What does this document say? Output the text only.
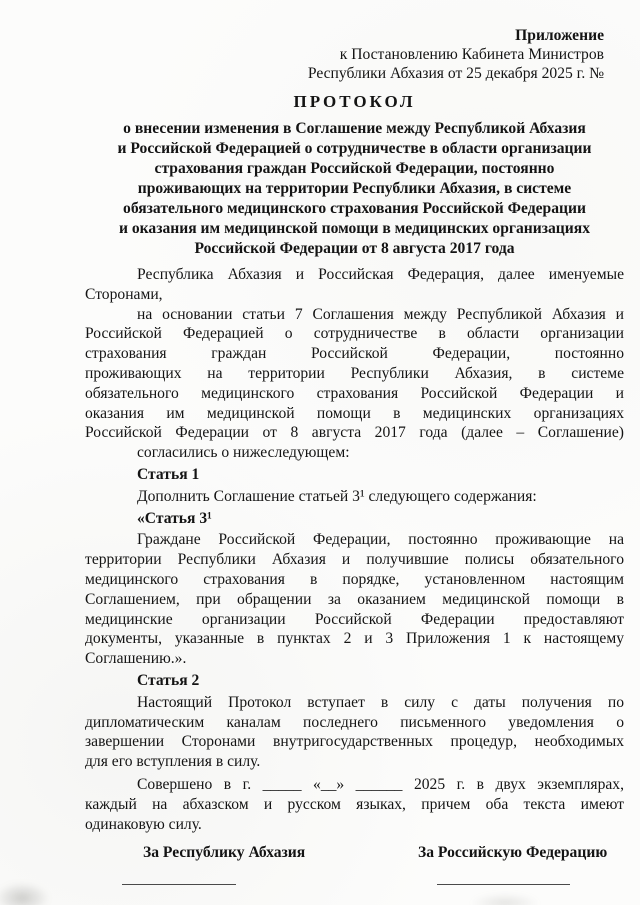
Приложение
к Постановлению Кабинета Министров
Республики Абхазия от 25 декабря 2025 г. №
ПРОТОКОЛ
о внесении изменения в Соглашение между Республикой Абхазия
и Российской Федерацией о сотрудничестве в области организации
страхования граждан Российской Федерации, постоянно
проживающих на территории Республики Абхазия, в системе
обязательного медицинского страхования Российской Федерации
и оказания им медицинской помощи в медицинских организациях
Российской Федерации от 8 августа 2017 года
Республика Абхазия и Российская Федерация, далее именуемые
Сторонами,
на основании статьи 7 Соглашения между Республикой Абхазия и
Российской Федерацией о сотрудничестве в области организации
страхования граждан Российской Федерации, постоянно
проживающих на территории Республики Абхазия, в системе
обязательного медицинского страхования Российской Федерации и
оказания им медицинской помощи в медицинских организациях
Российской Федерации от 8 августа 2017 года (далее – Соглашение)
согласились о нижеследующем:
Статья 1
Дополнить Соглашение статьей 3¹ следующего содержания:
«Статья 3¹
Граждане Российской Федерации, постоянно проживающие на
территории Республики Абхазия и получившие полисы обязательного
медицинского страхования в порядке, установленном настоящим
Соглашением, при обращении за оказанием медицинской помощи в
медицинские организации Российской Федерации предоставляют
документы, указанные в пунктах 2 и 3 Приложения 1 к настоящему
Соглашению.».
Статья 2
Настоящий Протокол вступает в силу с даты получения по
дипломатическим каналам последнего письменного уведомления о
завершении Сторонами внутригосударственных процедур, необходимых
для его вступления в силу.
Совершено в г. _____ «__» ______ 2025 г. в двух экземплярах,
каждый на абхазском и русском языках, причем оба текста имеют
одинаковую силу.
За Республику Абхазия	За Российскую Федерацию
